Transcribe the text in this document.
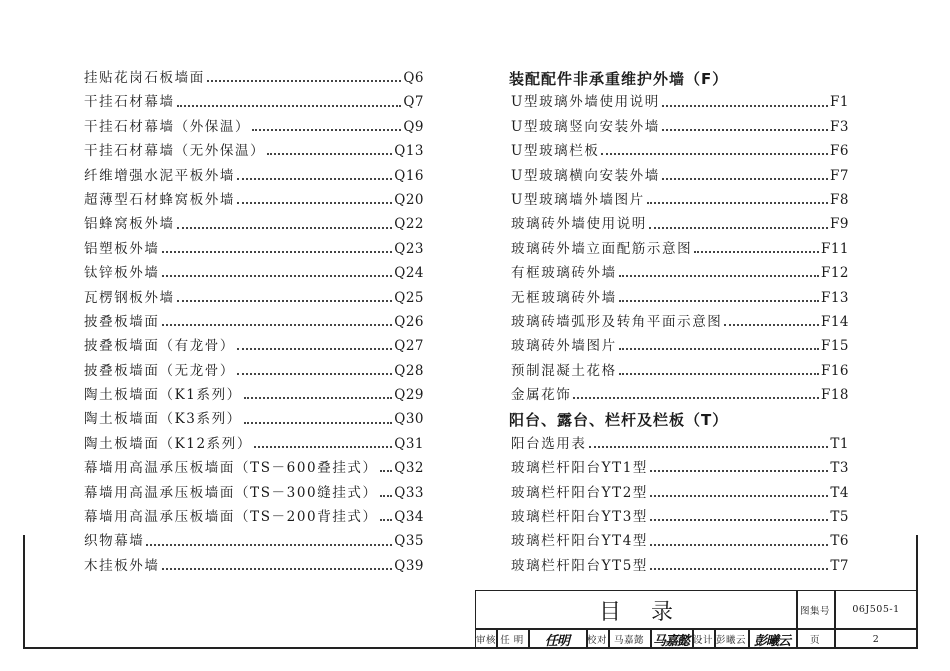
挂贴花岗石板墙面	Q6
干挂石材幕墙	Q7
干挂石材幕墙（外保温）	Q9
干挂石材幕墙（无外保温）	Q13
纤维增强水泥平板外墙	Q16
超薄型石材蜂窝板外墙	Q20
铝蜂窝板外墙	Q22
铝塑板外墙	Q23
钛锌板外墙	Q24
瓦楞钢板外墙	Q25
披叠板墙面	Q26
披叠板墙面（有龙骨）	Q27
披叠板墙面（无龙骨）	Q28
陶土板墙面（K1系列）	Q29
陶土板墙面（K3系列）	Q30
陶土板墙面（K12系列）	Q31
幕墙用高温承压板墙面（TS－600叠挂式） Q32
幕墙用高温承压板墙面（TS－300缝挂式） Q33
幕墙用高温承压板墙面（TS－200背挂式） Q34
织物幕墙	Q35
木挂板外墙	Q39
装配配件非承重维护外墙（F）
U型玻璃外墙使用说明	F1
U型玻璃竖向安装外墙	F3
U型玻璃栏板	F6
U型玻璃横向安装外墙	F7
U型玻璃墙外墙图片	F8
玻璃砖外墙使用说明	F9
玻璃砖外墙立面配筋示意图	F11
有框玻璃砖外墙	F12
无框玻璃砖外墙	F13
玻璃砖墙弧形及转角平面示意图	F14
玻璃砖外墙图片	F15
预制混凝土花格	F16
金属花饰	F18
阳台、露台、栏杆及栏板（T）
阳台选用表	T1
玻璃栏杆阳台YT1型	T3
玻璃栏杆阳台YT2型	T4
玻璃栏杆阳台YT3型	T5
玻璃栏杆阳台YT4型	T6
玻璃栏杆阳台YT5型	T7
目录	图集号	06J505-1
审核 任 明	任明	校对 马嘉懿 马嘉懿 设计 彭曦云 彭曦云	页	2
